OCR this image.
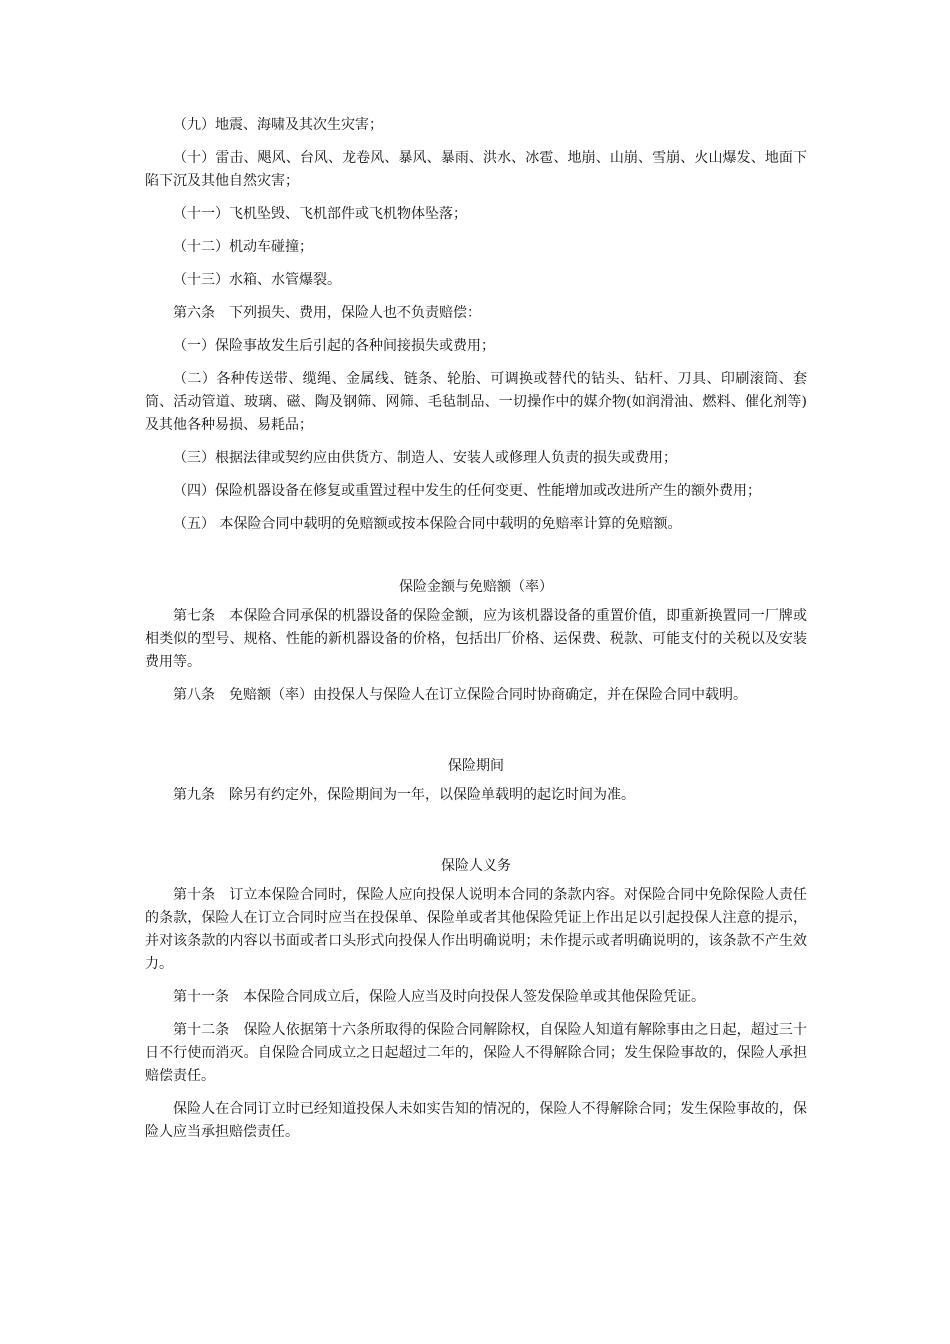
（九）地震、海啸及其次生灾害；

（十）雷击、飓风、台风、龙卷风、暴风、暴雨、洪水、冰雹、地崩、山崩、雪崩、火山爆发、地面下陷下沉及其他自然灾害；

（十一）飞机坠毁、飞机部件或飞机物体坠落；

（十二）机动车碰撞；

（十三）水箱、水管爆裂。

第六条　下列损失、费用，保险人也不负责赔偿：

（一）保险事故发生后引起的各种间接损失或费用；

（二）各种传送带、缆绳、金属线、链条、轮胎、可调换或替代的钻头、钻杆、刀具、印刷滚筒、套筒、活动管道、玻璃、磁、陶及钢筛、网筛、毛毡制品、一切操作中的媒介物(如润滑油、燃料、催化剂等) 及其他各种易损、易耗品；

（三）根据法律或契约应由供货方、制造人、安装人或修理人负责的损失或费用；

（四）保险机器设备在修复或重置过程中发生的任何变更、性能增加或改进所产生的额外费用；

（五） 本保险合同中载明的免赔额或按本保险合同中载明的免赔率计算的免赔额。

保险金额与免赔额（率）

第七条　本保险合同承保的机器设备的保险金额，应为该机器设备的重置价值，即重新换置同一厂牌或相类似的型号、规格、性能的新机器设备的价格，包括出厂价格、运保费、税款、可能支付的关税以及安装费用等。

第八条　免赔额（率）由投保人与保险人在订立保险合同时协商确定，并在保险合同中载明。

保险期间

第九条　除另有约定外，保险期间为一年，以保险单载明的起讫时间为准。

保险人义务

第十条　订立本保险合同时，保险人应向投保人说明本合同的条款内容。对保险合同中免除保险人责任的条款，保险人在订立合同时应当在投保单、保险单或者其他保险凭证上作出足以引起投保人注意的提示，并对该条款的内容以书面或者口头形式向投保人作出明确说明；未作提示或者明确说明的，该条款不产生效力。

第十一条　本保险合同成立后，保险人应当及时向投保人签发保险单或其他保险凭证。

第十二条　保险人依据第十六条所取得的保险合同解除权，自保险人知道有解除事由之日起，超过三十日不行使而消灭。自保险合同成立之日起超过二年的，保险人不得解除合同；发生保险事故的，保险人承担赔偿责任。

保险人在合同订立时已经知道投保人未如实告知的情况的，保险人不得解除合同；发生保险事故的，保险人应当承担赔偿责任。
